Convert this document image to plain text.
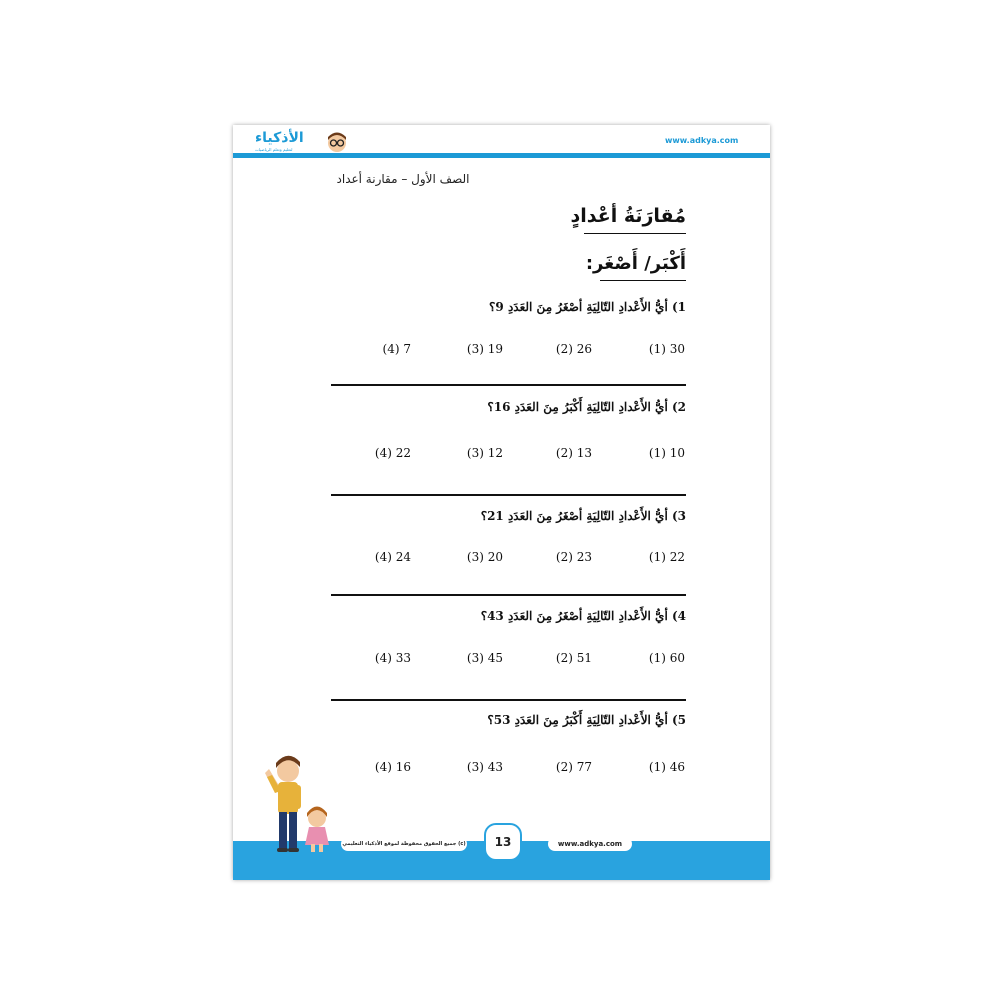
الأذكياء
لتعليم وتعلم الرياضيات
www.adkya.com
الصف الأول – مقارنة أعداد
مُقارَنَةُ أعْدادٍ
أَكْبَر/ أَصْغَر:
1) أيُّ الأَعْدادِ التّالِيَةِ أصْغَرُ مِنَ العَدَدِ 9؟
30 (1)
26 (2)
19 (3)
7 (4)
2) أيُّ الأَعْدادِ التّالِيَةِ أَكْبَرُ مِنَ العَدَدِ 16؟
10 (1)
13 (2)
12 (3)
22 (4)
3) أيُّ الأَعْدادِ التّالِيَةِ أصْغَرُ مِنَ العَدَدِ 21؟
22 (1)
23 (2)
20 (3)
24 (4)
4) أيُّ الأَعْدادِ التّالِيَةِ أصْغَرُ مِنَ العَدَدِ 43؟
60 (1)
51 (2)
45 (3)
33 (4)
5) أيُّ الأَعْدادِ التّالِيَةِ أَكْبَرُ مِنَ العَدَدِ 53؟
46 (1)
77 (2)
43 (3)
16 (4)
جميع الحقوق محفوظة لموقع الأذكياء التعليمي (c)	13	www.adkya.com
